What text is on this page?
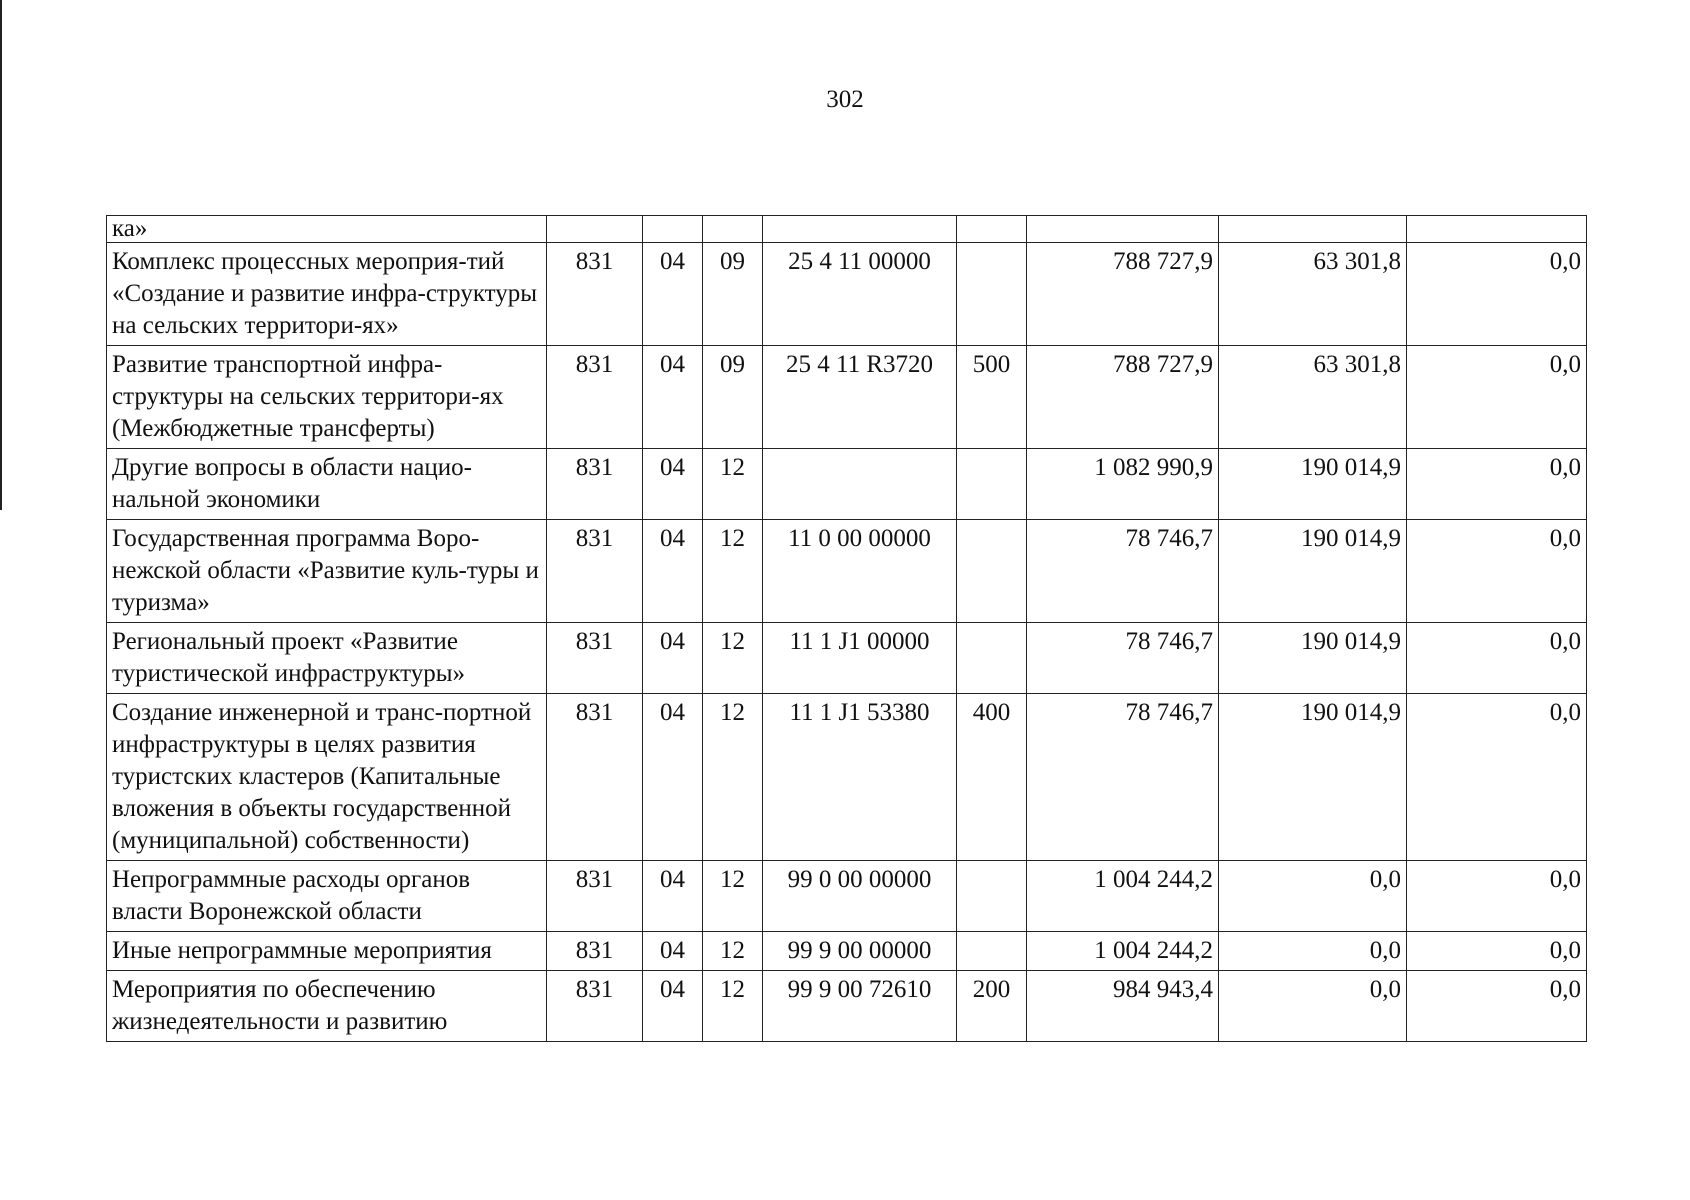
302
ка»								
Комплекс процессных мероприя-тий «Создание и развитие инфра-структуры на сельских территори-ях»	831	04	09	25 4 11 00000		788 727,9	63 301,8	0,0
Развитие транспортной инфра-структуры на сельских территори-ях (Межбюджетные трансферты)	831	04	09	25 4 11 R3720	500	788 727,9	63 301,8	0,0
Другие вопросы в области нацио-нальной экономики	831	04	12			1 082 990,9	190 014,9	0,0
Государственная программа Воро-нежской области «Развитие куль-туры и туризма»	831	04	12	11 0 00 00000		78 746,7	190 014,9	0,0
Региональный проект «Развитие туристической инфраструктуры»	831	04	12	11 1 J1 00000		78 746,7	190 014,9	0,0
Создание инженерной и транс-портной инфраструктуры в целях развития туристских кластеров (Капитальные вложения в объекты государственной (муниципальной) собственности)	831	04	12	11 1 J1 53380	400	78 746,7	190 014,9	0,0
Непрограммные расходы органов власти Воронежской области	831	04	12	99 0 00 00000		1 004 244,2	0,0	0,0
Иные непрограммные мероприятия	831	04	12	99 9 00 00000		1 004 244,2	0,0	0,0
Мероприятия по обеспечению жизнедеятельности и развитию	831	04	12	99 9 00 72610	200	984 943,4	0,0	0,0
